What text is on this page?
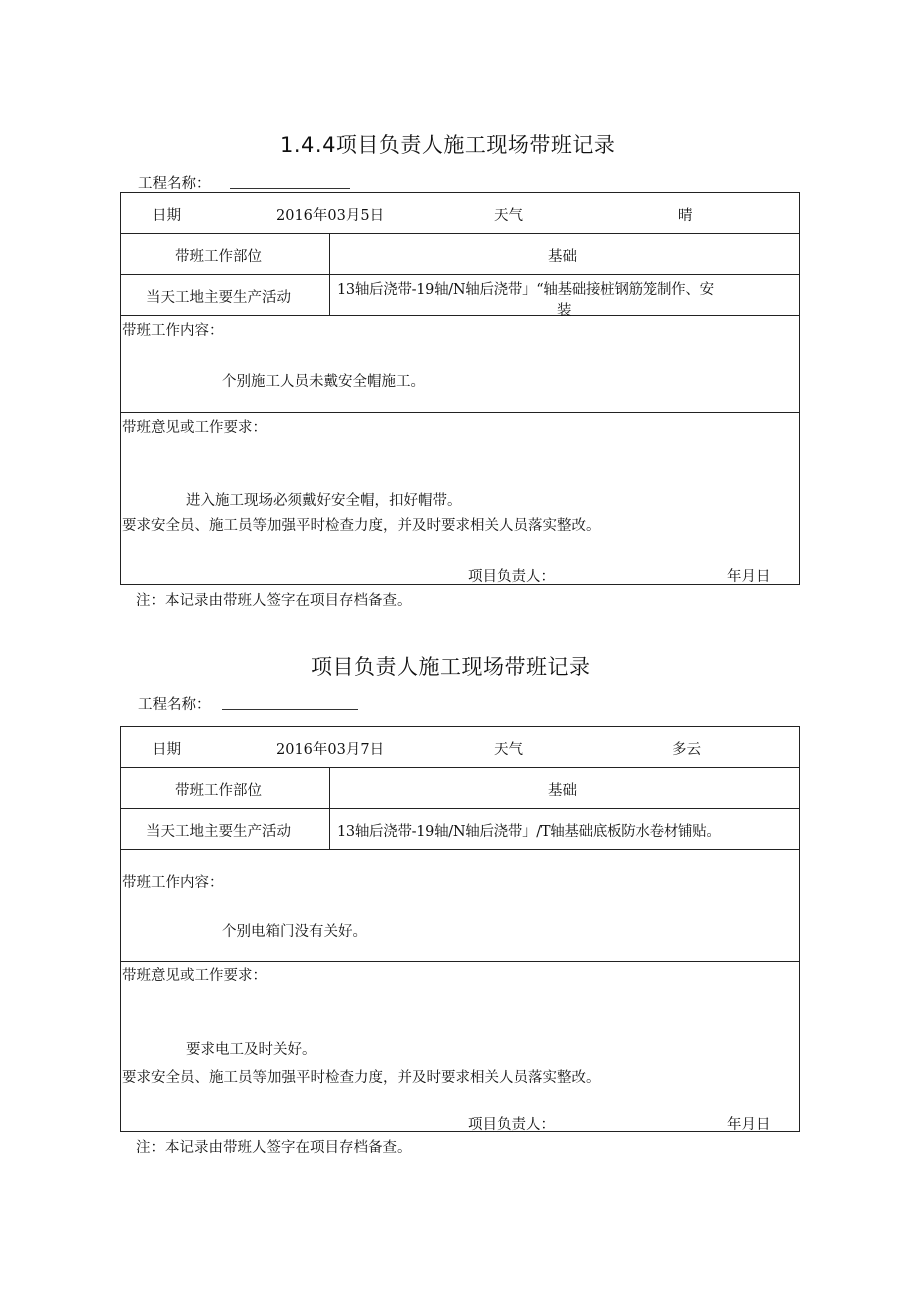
1.4.4项目负责人施工现场带班记录
工程名称：
日期	2016年03月5日	天气	晴
带班工作部位	基础
当天工地主要生产活动	13轴后浇带-19轴/N轴后浇带」“轴基础接桩钢筋笼制作、安
装
带班工作内容：
个别施工人员未戴安全帽施工。
带班意见或工作要求：
进入施工现场必须戴好安全帽，扣好帽带。
要求安全员、施工员等加强平时检查力度，并及时要求相关人员落实整改。
项目负责人：	年月日
注：本记录由带班人签字在项目存档备查。
项目负责人施工现场带班记录
工程名称：
日期	2016年03月7日	天气	多云
带班工作部位	基础
当天工地主要生产活动	13轴后浇带-19轴/N轴后浇带」/T轴基础底板防水卷材铺贴。
带班工作内容：
个别电箱门没有关好。
带班意见或工作要求：
要求电工及时关好。
要求安全员、施工员等加强平时检查力度，并及时要求相关人员落实整改。
项目负责人：	年月日
注：本记录由带班人签字在项目存档备查。
